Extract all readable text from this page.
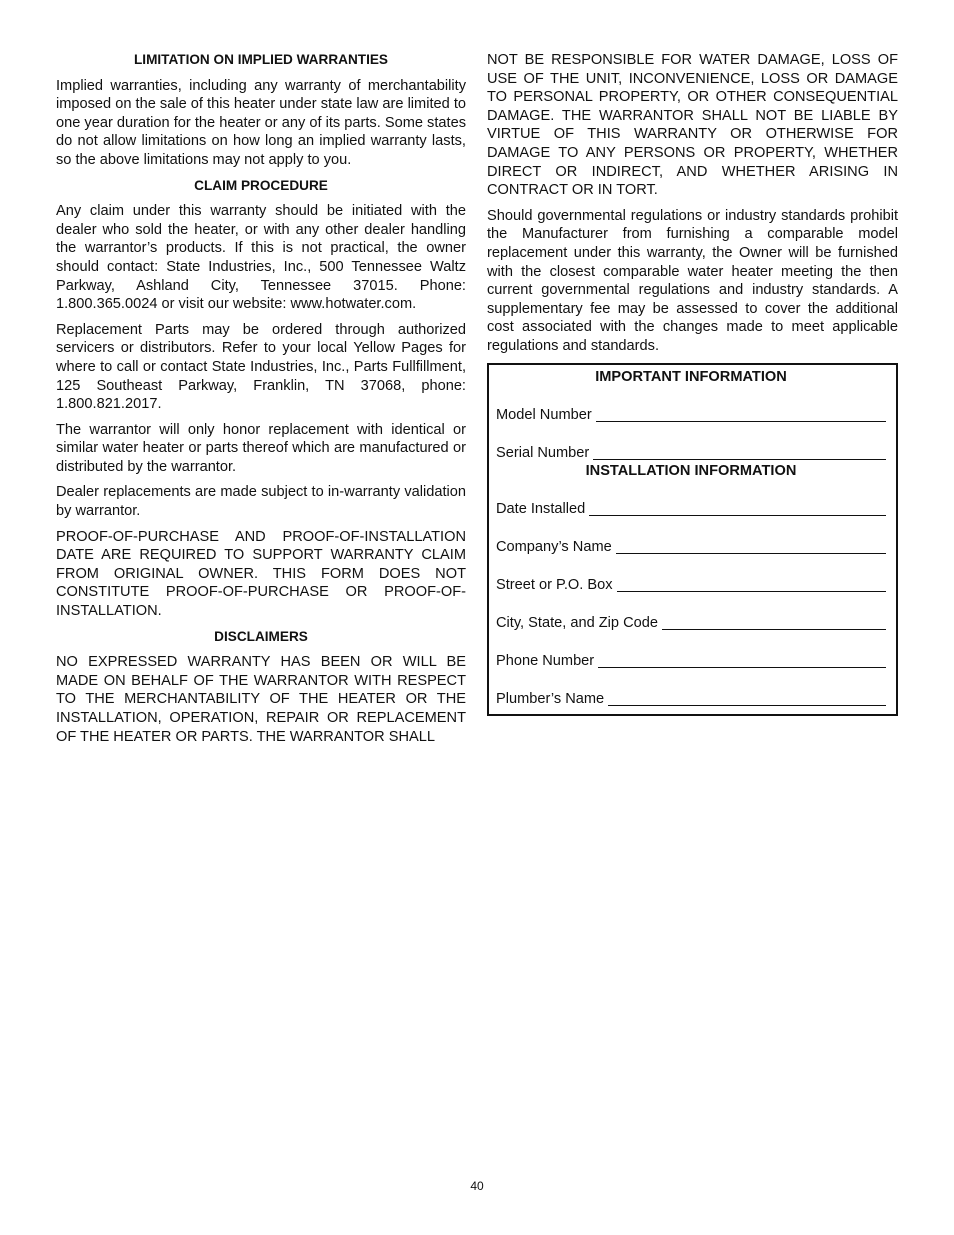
LIMITATION ON IMPLIED WARRANTIES

Implied warranties, including any warranty of merchantability imposed on the sale of this heater under state law are limited to one year duration for the heater or any of its parts. Some states do not allow limitations on how long an implied warranty lasts, so the above limitations may not apply to you.

CLAIM PROCEDURE

Any claim under this warranty should be initiated with the dealer who sold the heater, or with any other dealer handling the warrantor’s products. If this is not practical, the owner should contact: State Industries, Inc., 500 Tennessee Waltz Parkway, Ashland City, Tennessee 37015. Phone: 1.800.365.0024 or visit our website: www.hotwater.com.

Replacement Parts may be ordered through authorized servicers or distributors. Refer to your local Yellow Pages for where to call or contact State Industries, Inc., Parts Fullfillment, 125 Southeast Parkway, Franklin, TN 37068, phone: 1.800.821.2017.

The warrantor will only honor replacement with identical or similar water heater or parts thereof which are manufactured or distributed by the warrantor.

Dealer replacements are made subject to in-warranty validation by warrantor.

PROOF-OF-PURCHASE AND PROOF-OF-INSTALLATION DATE ARE REQUIRED TO SUPPORT WARRANTY CLAIM FROM ORIGINAL OWNER. THIS FORM DOES NOT CONSTITUTE PROOF-OF-PURCHASE OR PROOF-OF-INSTALLATION.

DISCLAIMERS

NO EXPRESSED WARRANTY HAS BEEN OR WILL BE MADE ON BEHALF OF THE WARRANTOR WITH RESPECT TO THE MERCHANTABILITY OF THE HEATER OR THE INSTALLATION, OPERATION, REPAIR OR REPLACEMENT OF THE HEATER OR PARTS. THE WARRANTOR SHALL

NOT BE RESPONSIBLE FOR WATER DAMAGE, LOSS OF USE OF THE UNIT, INCONVENIENCE, LOSS OR DAMAGE TO PERSONAL PROPERTY, OR OTHER CONSEQUENTIAL DAMAGE. THE WARRANTOR SHALL NOT BE LIABLE BY VIRTUE OF THIS WARRANTY OR OTHERWISE FOR DAMAGE TO ANY PERSONS OR PROPERTY, WHETHER DIRECT OR INDIRECT, AND WHETHER ARISING IN CONTRACT OR IN TORT.

Should governmental regulations or industry standards prohibit the Manufacturer from furnishing a comparable model replacement under this warranty, the Owner will be furnished with the closest comparable water heater meeting the then current governmental regulations and industry standards. A supplementary fee may be assessed to cover the additional cost associated with the changes made to meet applicable regulations and standards.

IMPORTANT INFORMATION
Model Number
Serial Number
INSTALLATION INFORMATION
Date Installed
Company’s Name
Street or P.O. Box
City, State, and Zip Code
Phone Number
Plumber’s Name
40
